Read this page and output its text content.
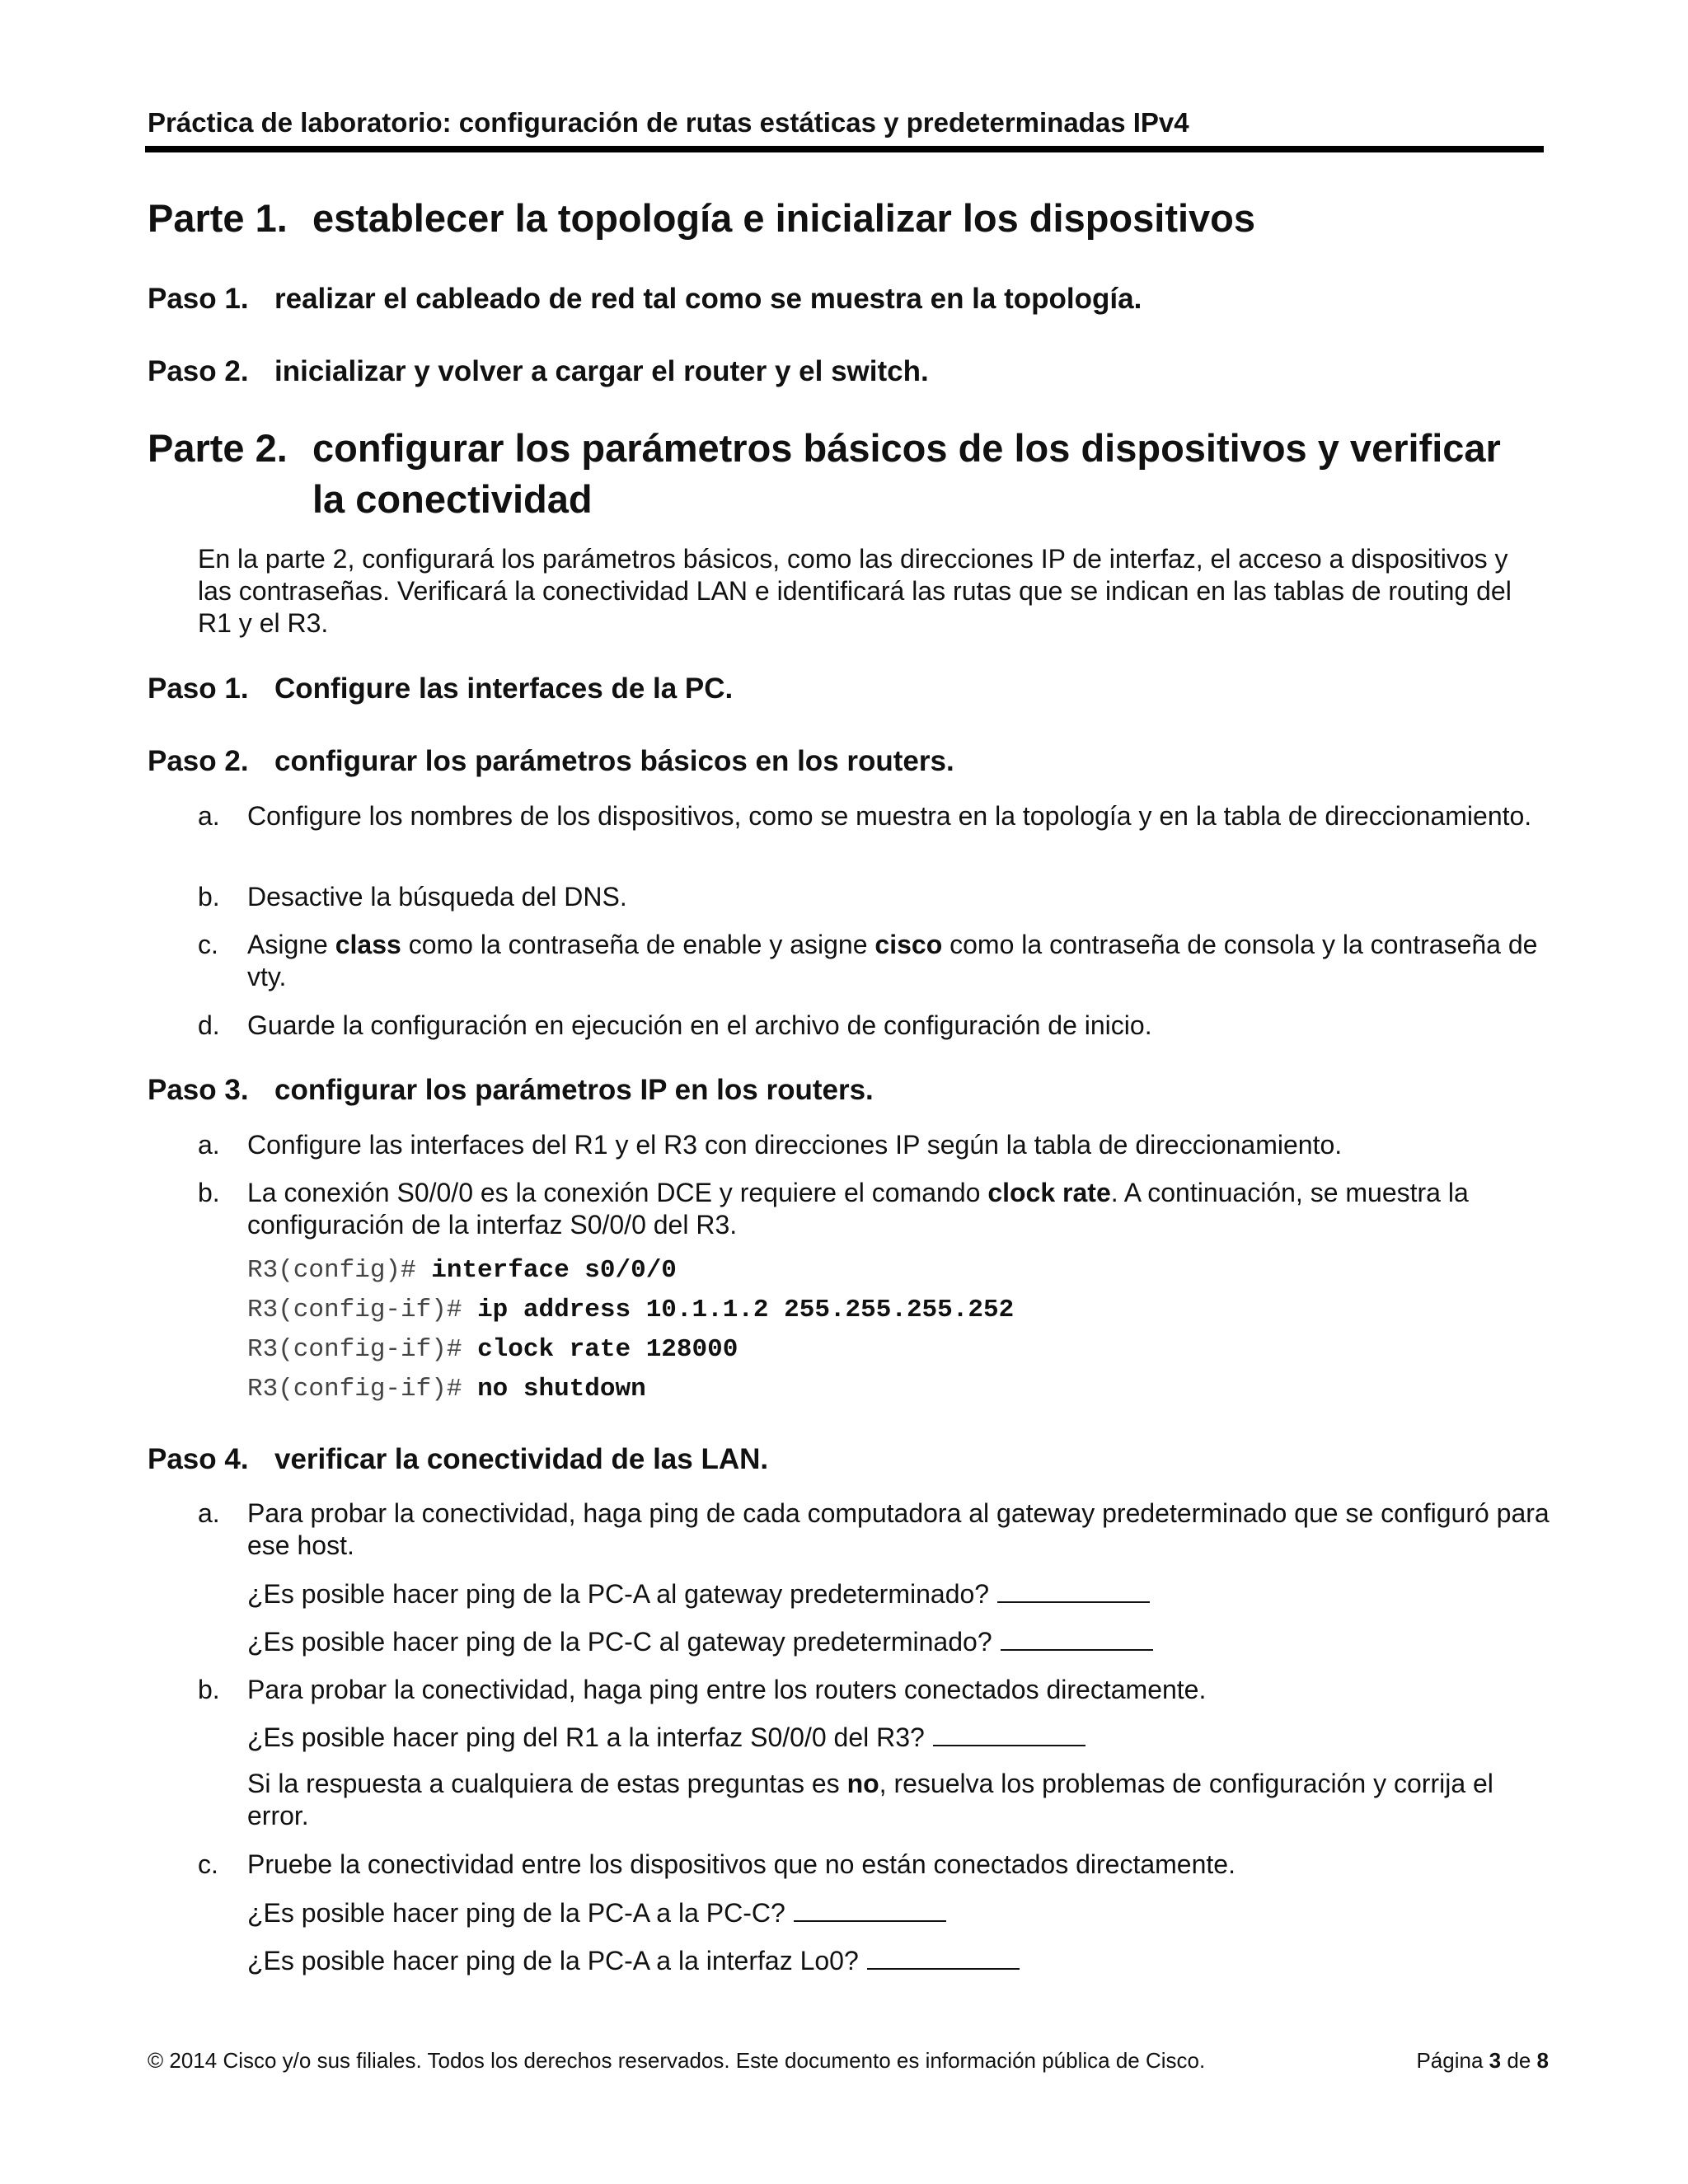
Práctica de laboratorio: configuración de rutas estáticas y predeterminadas IPv4
Parte 1. establecer la topología e inicializar los dispositivos
Paso 1. realizar el cableado de red tal como se muestra en la topología.
Paso 2. inicializar y volver a cargar el router y el switch.
Parte 2. configurar los parámetros básicos de los dispositivos y verificar
la conectividad
En la parte 2, configurará los parámetros básicos, como las direcciones IP de interfaz, el acceso a dispositivos y las contraseñas. Verificará la conectividad LAN e identificará las rutas que se indican en las tablas de routing del R1 y el R3.
Paso 1. Configure las interfaces de la PC.
Paso 2. configurar los parámetros básicos en los routers.
a. Configure los nombres de los dispositivos, como se muestra en la topología y en la tabla de direccionamiento.
b. Desactive la búsqueda del DNS.
c. Asigne class como la contraseña de enable y asigne cisco como la contraseña de consola y la contraseña de vty.
d. Guarde la configuración en ejecución en el archivo de configuración de inicio.
Paso 3. configurar los parámetros IP en los routers.
a. Configure las interfaces del R1 y el R3 con direcciones IP según la tabla de direccionamiento.
b. La conexión S0/0/0 es la conexión DCE y requiere el comando clock rate. A continuación, se muestra la configuración de la interfaz S0/0/0 del R3.
R3(config)# interface s0/0/0
R3(config-if)# ip address 10.1.1.2 255.255.255.252
R3(config-if)# clock rate 128000
R3(config-if)# no shutdown
Paso 4. verificar la conectividad de las LAN.
a. Para probar la conectividad, haga ping de cada computadora al gateway predeterminado que se configuró para ese host.
¿Es posible hacer ping de la PC-A al gateway predeterminado?
¿Es posible hacer ping de la PC-C al gateway predeterminado?
b. Para probar la conectividad, haga ping entre los routers conectados directamente.
¿Es posible hacer ping del R1 a la interfaz S0/0/0 del R3?
Si la respuesta a cualquiera de estas preguntas es no, resuelva los problemas de configuración y corrija el error.
c. Pruebe la conectividad entre los dispositivos que no están conectados directamente.
¿Es posible hacer ping de la PC-A a la PC-C?
¿Es posible hacer ping de la PC-A a la interfaz Lo0?
© 2014 Cisco y/o sus filiales. Todos los derechos reservados. Este documento es información pública de Cisco.	Página 3 de 8
